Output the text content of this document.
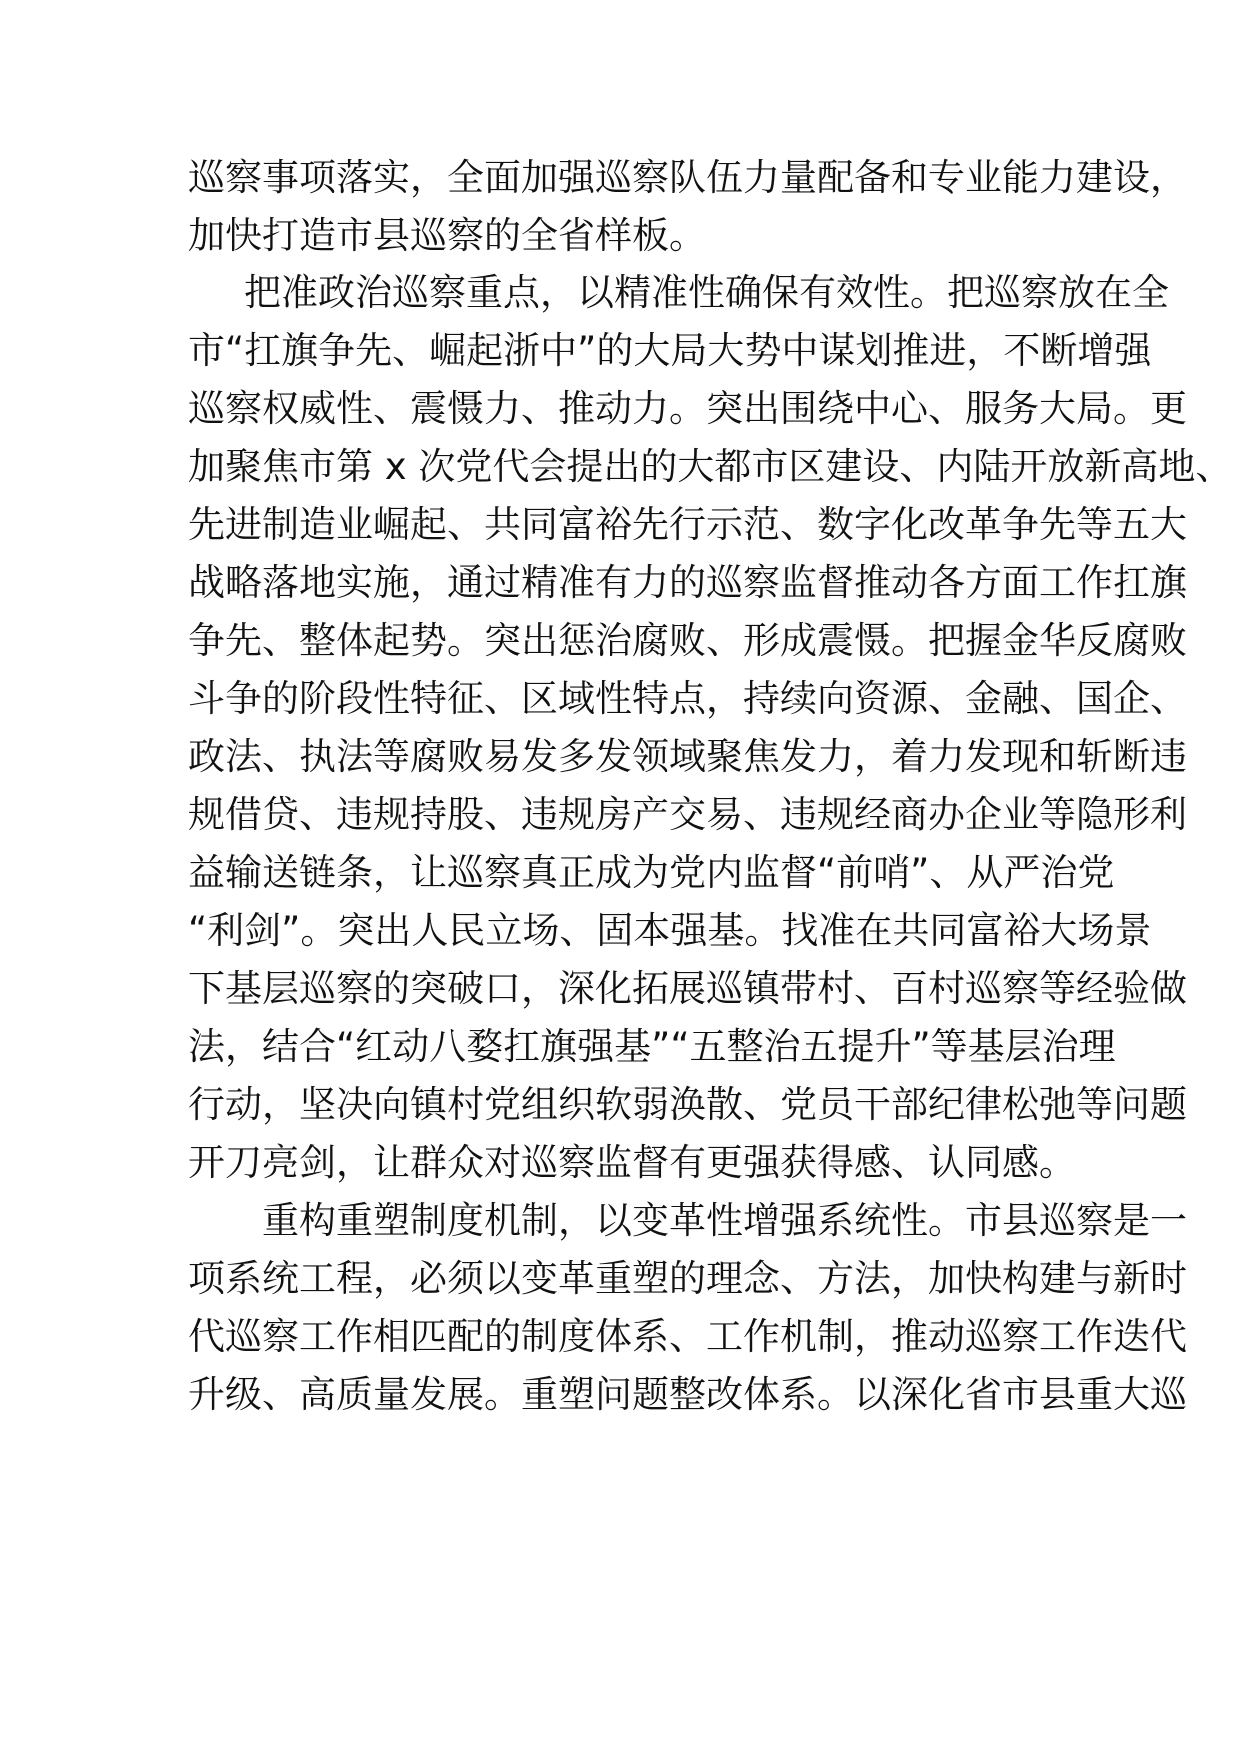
巡察事项落实，全面加强巡察队伍力量配备和专业能力建设，
加快打造市县巡察的全省样板。
把准政治巡察重点，以精准性确保有效性。把巡察放在全
市“扛旗争先、崛起浙中”的大局大势中谋划推进，不断增强
巡察权威性、震慑力、推动力。突出围绕中心、服务大局。更
加聚焦市第 x 次党代会提出的大都市区建设、内陆开放新高地、
先进制造业崛起、共同富裕先行示范、数字化改革争先等五大
战略落地实施，通过精准有力的巡察监督推动各方面工作扛旗
争先、整体起势。突出惩治腐败、形成震慑。把握金华反腐败
斗争的阶段性特征、区域性特点，持续向资源、金融、国企、
政法、执法等腐败易发多发领域聚焦发力，着力发现和斩断违
规借贷、违规持股、违规房产交易、违规经商办企业等隐形利
益输送链条，让巡察真正成为党内监督“前哨”、从严治党
“利剑”。突出人民立场、固本强基。找准在共同富裕大场景
下基层巡察的突破口，深化拓展巡镇带村、百村巡察等经验做
法，结合“红动八婺扛旗强基”“五整治五提升”等基层治理
行动，坚决向镇村党组织软弱涣散、党员干部纪律松弛等问题
开刀亮剑，让群众对巡察监督有更强获得感、认同感。
重构重塑制度机制，以变革性增强系统性。市县巡察是一
项系统工程，必须以变革重塑的理念、方法，加快构建与新时
代巡察工作相匹配的制度体系、工作机制，推动巡察工作迭代
升级、高质量发展。重塑问题整改体系。以深化省市县重大巡
